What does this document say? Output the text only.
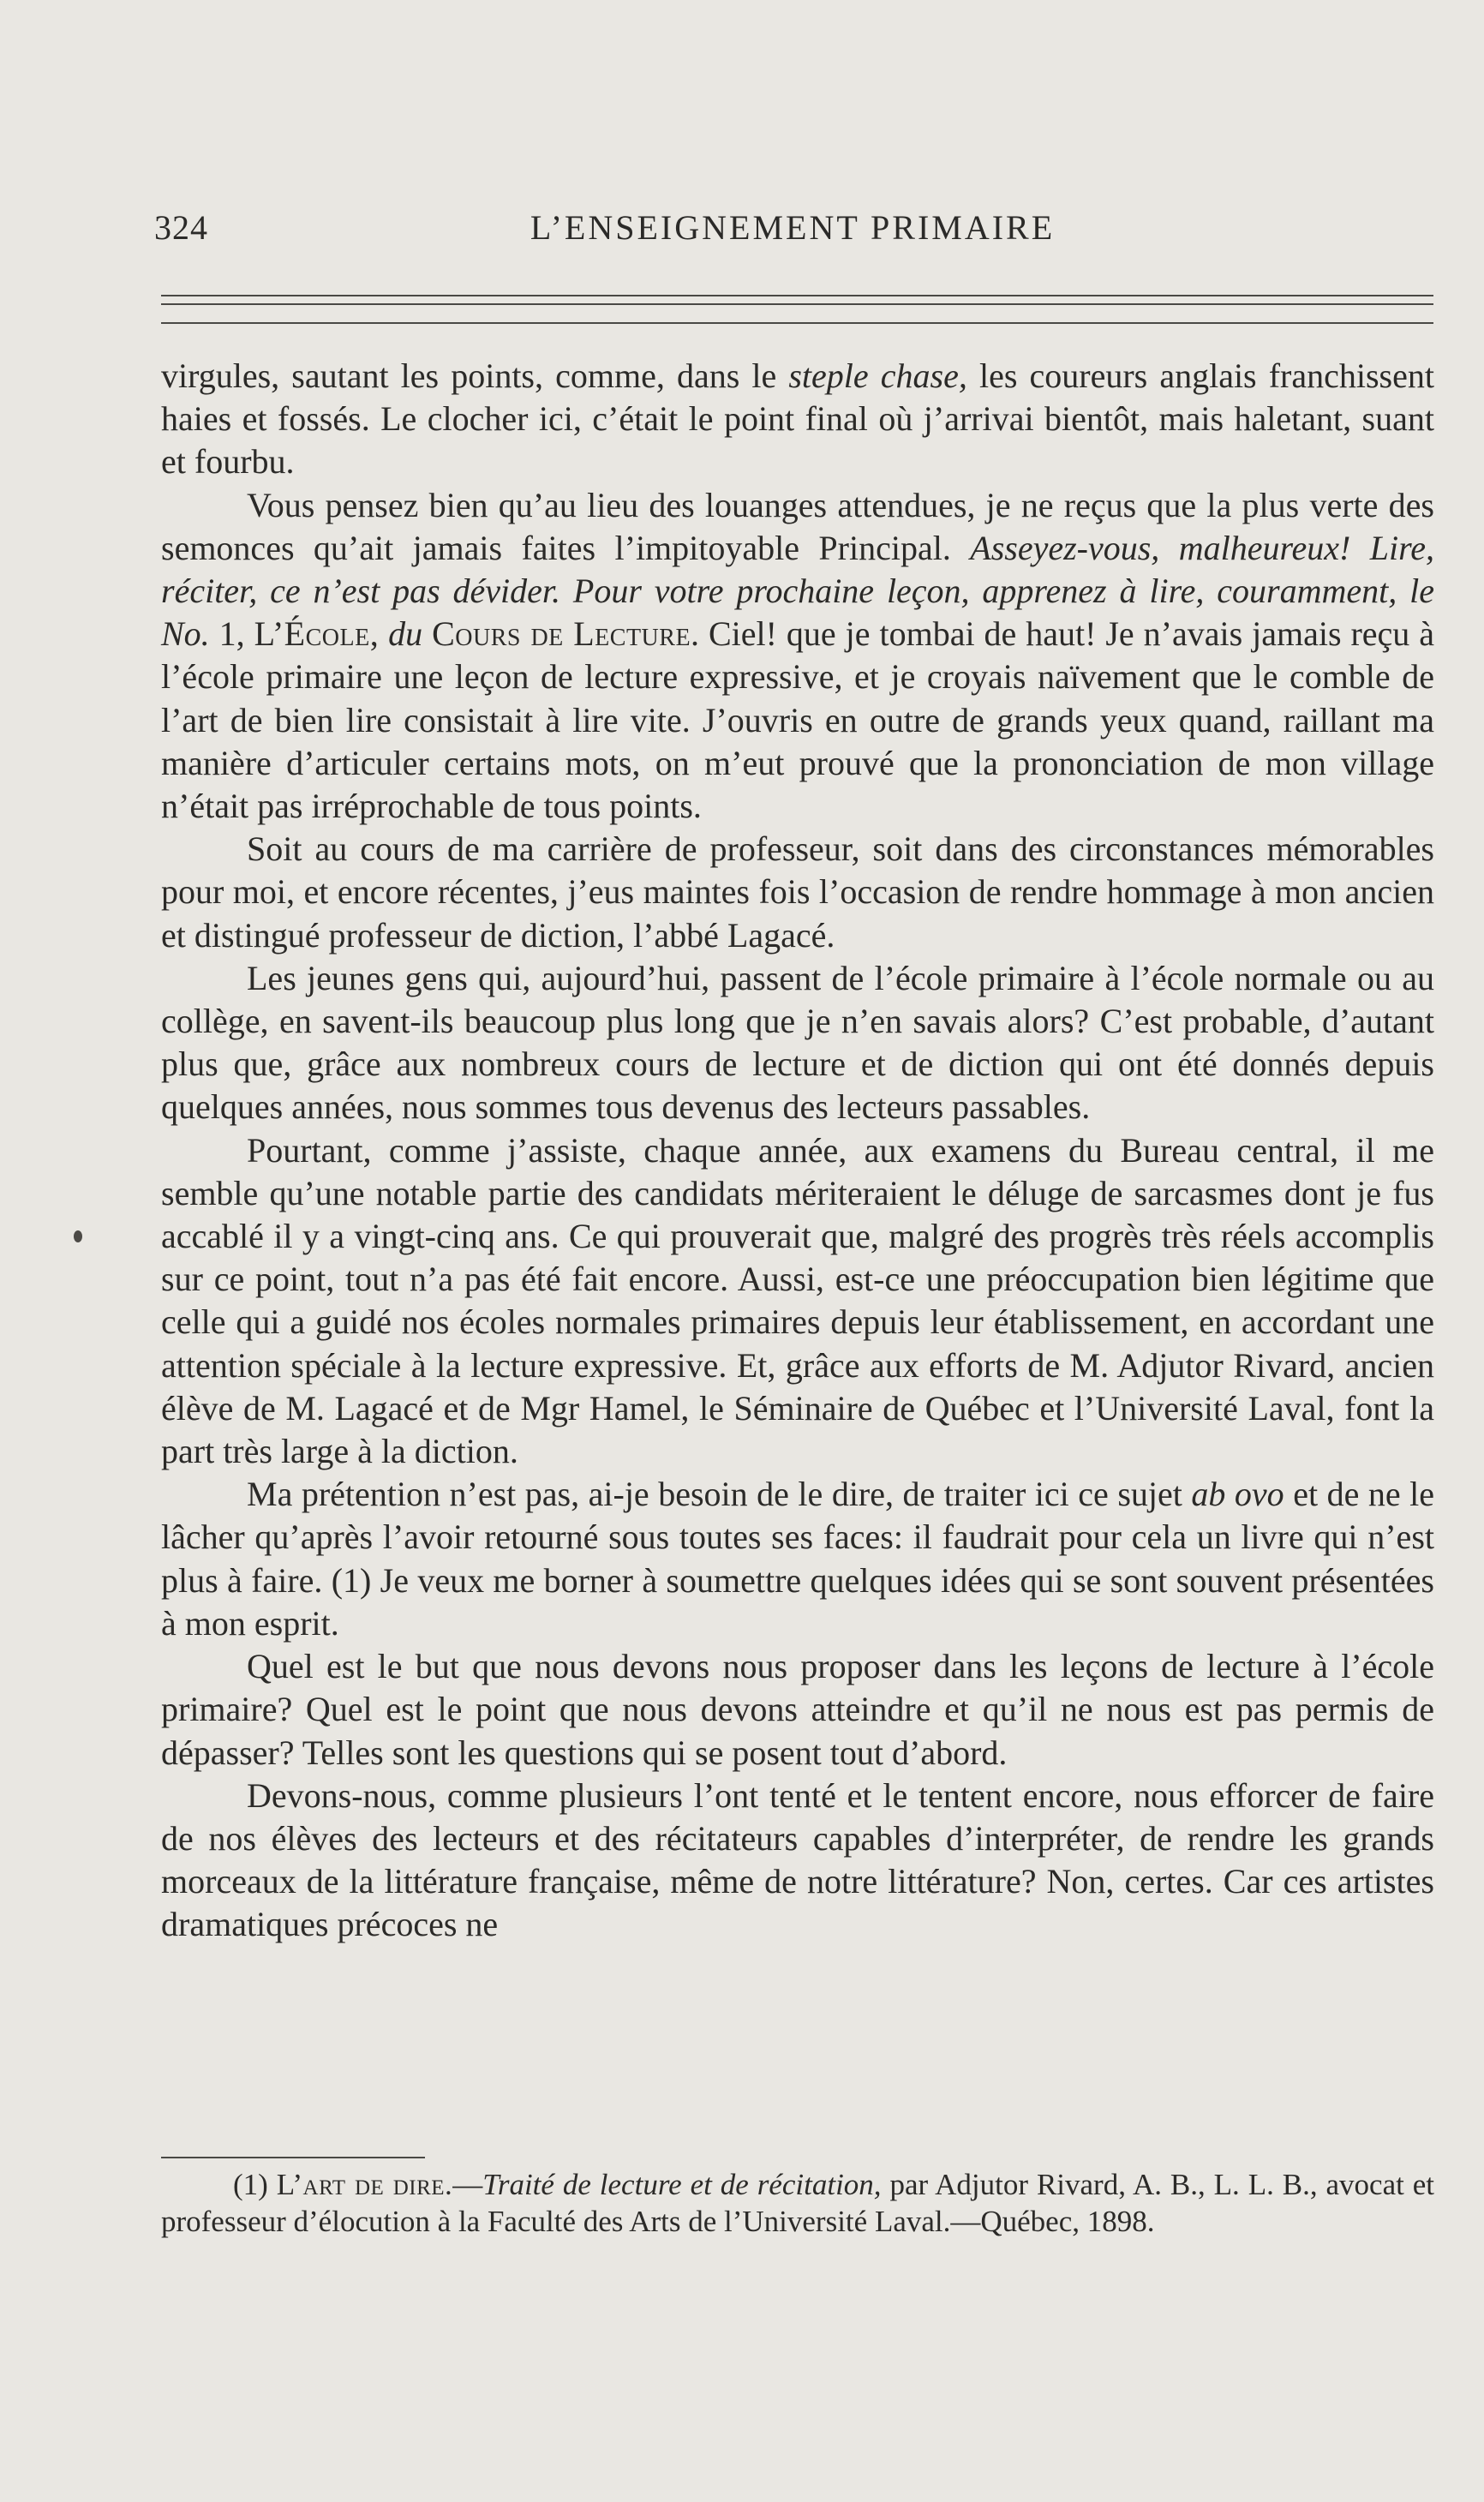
324	L’ENSEIGNEMENT PRIMAIRE

virgules, sautant les points, comme, dans le steple chase, les coureurs anglais franchissent haies et fossés. Le clocher ici, c’était le point final où j’arrivai bientôt, mais haletant, suant et fourbu.

Vous pensez bien qu’au lieu des louanges attendues, je ne reçus que la plus verte des semonces qu’ait jamais faites l’impitoyable Principal. Asseyez-vous, malheureux! Lire, réciter, ce n’est pas dévider. Pour votre prochaine leçon, apprenez à lire, couramment, le No. 1, L’École, du Cours de Lecture. Ciel! que je tombai de haut! Je n’avais jamais reçu à l’école primaire une leçon de lecture expressive, et je croyais naïvement que le comble de l’art de bien lire consistait à lire vite. J’ouvris en outre de grands yeux quand, raillant ma manière d’articuler certains mots, on m’eut prouvé que la prononciation de mon village n’était pas irréprochable de tous points.

Soit au cours de ma carrière de professeur, soit dans des circonstances mémorables pour moi, et encore récentes, j’eus maintes fois l’occasion de rendre hommage à mon ancien et distingué professeur de diction, l’abbé Lagacé.

Les jeunes gens qui, aujourd’hui, passent de l’école primaire à l’école normale ou au collège, en savent-ils beaucoup plus long que je n’en savais alors? C’est probable, d’autant plus que, grâce aux nombreux cours de lecture et de diction qui ont été donnés depuis quelques années, nous sommes tous devenus des lecteurs passables.

Pourtant, comme j’assiste, chaque année, aux examens du Bureau central, il me semble qu’une notable partie des candidats mériteraient le déluge de sarcasmes dont je fus accablé il y a vingt-cinq ans. Ce qui prouverait que, malgré des progrès très réels accomplis sur ce point, tout n’a pas été fait encore. Aussi, est-ce une préoccupation bien légitime que celle qui a guidé nos écoles normales primaires depuis leur établissement, en accordant une attention spéciale à la lecture expressive. Et, grâce aux efforts de M. Adjutor Rivard, ancien élève de M. Lagacé et de Mgr Hamel, le Séminaire de Québec et l’Université Laval, font la part très large à la diction.

Ma prétention n’est pas, ai-je besoin de le dire, de traiter ici ce sujet ab ovo et de ne le lâcher qu’après l’avoir retourné sous toutes ses faces: il faudrait pour cela un livre qui n’est plus à faire. (1) Je veux me borner à soumettre quelques idées qui se sont souvent présentées à mon esprit.

Quel est le but que nous devons nous proposer dans les leçons de lecture à l’école primaire? Quel est le point que nous devons atteindre et qu’il ne nous est pas permis de dépasser? Telles sont les questions qui se posent tout d’abord.

Devons-nous, comme plusieurs l’ont tenté et le tentent encore, nous efforcer de faire de nos élèves des lecteurs et des récitateurs capables d’interpréter, de rendre les grands morceaux de la littérature française, même de notre littérature? Non, certes. Car ces artistes dramatiques précoces ne

(1) L’art de dire.—Traité de lecture et de récitation, par Adjutor Rivard, A. B., L. L. B., avocat et professeur d’élocution à la Faculté des Arts de l’Université Laval.—Québec, 1898.
